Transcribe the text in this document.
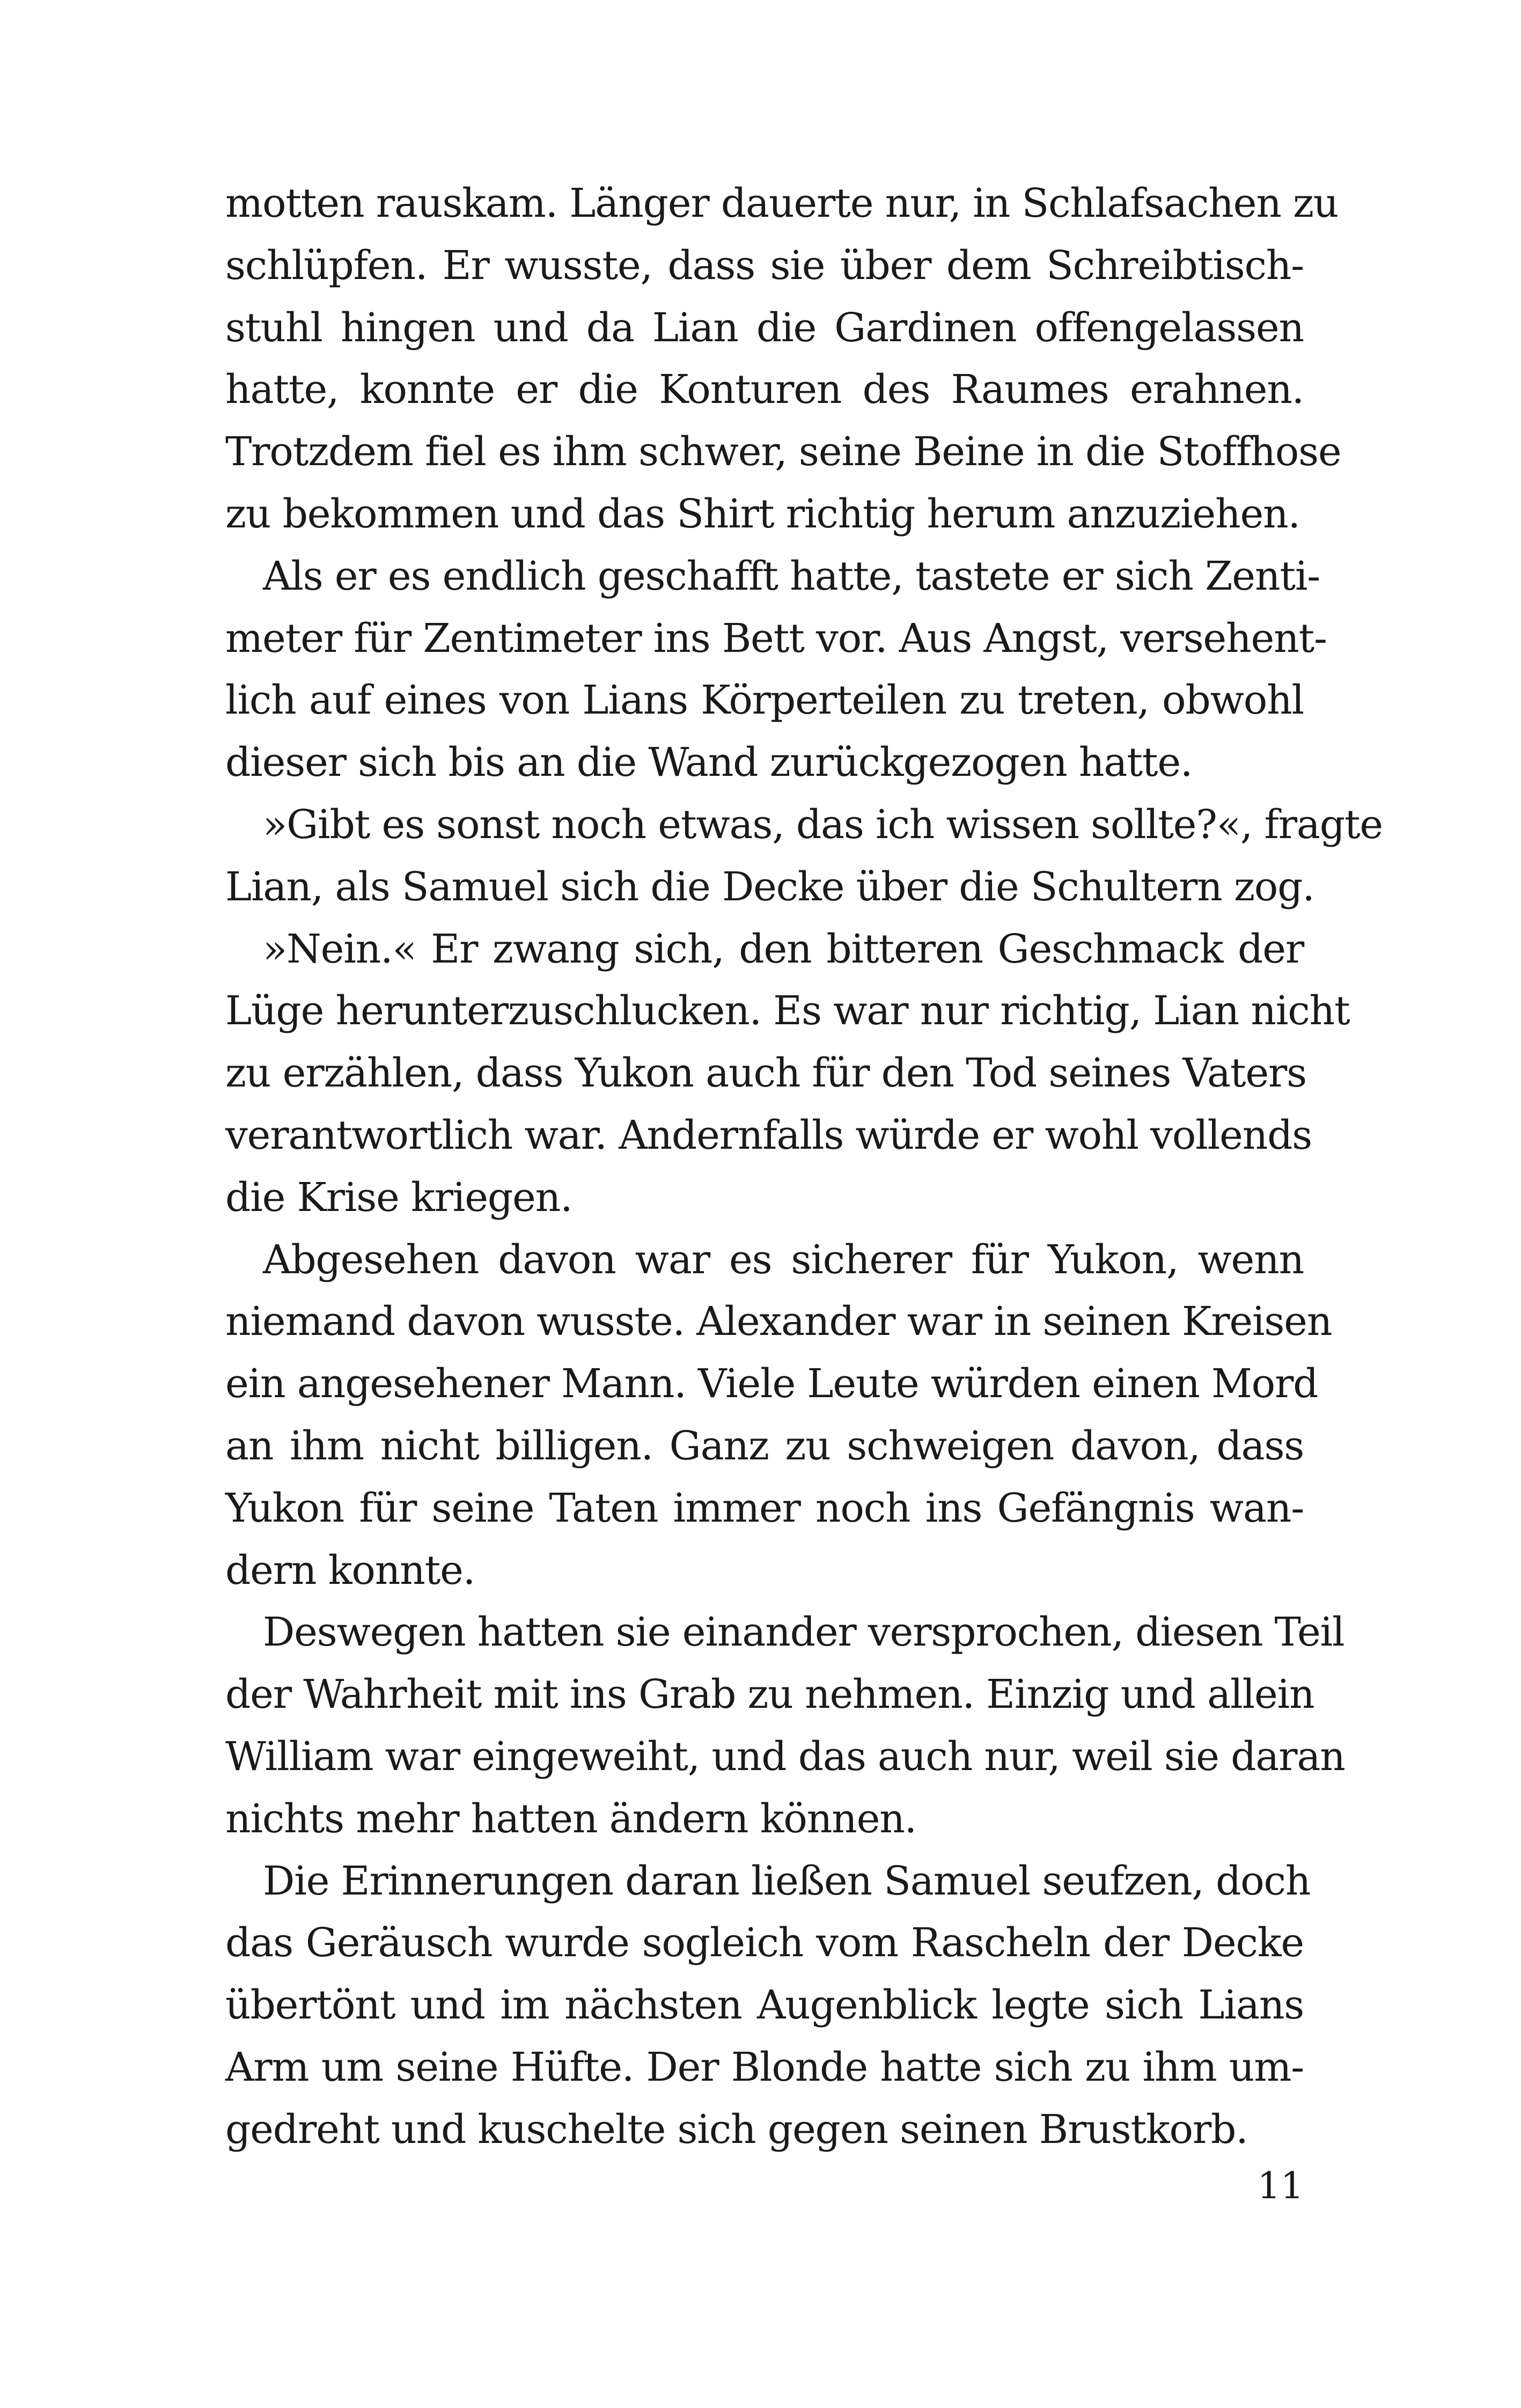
motten rauskam. Länger dauerte nur, in Schlafsachen zu
schlüpfen. Er wusste, dass sie über dem Schreibtisch-
stuhl hingen und da Lian die Gardinen offengelassen
hatte, konnte er die Konturen des Raumes erahnen.
Trotzdem fiel es ihm schwer, seine Beine in die Stoffhose
zu bekommen und das Shirt richtig herum anzuziehen.
Als er es endlich geschafft hatte, tastete er sich Zenti-
meter für Zentimeter ins Bett vor. Aus Angst, versehent-
lich auf eines von Lians Körperteilen zu treten, obwohl
dieser sich bis an die Wand zurückgezogen hatte.
»Gibt es sonst noch etwas, das ich wissen sollte?«, fragte
Lian, als Samuel sich die Decke über die Schultern zog.
»Nein.« Er zwang sich, den bitteren Geschmack der
Lüge herunterzuschlucken. Es war nur richtig, Lian nicht
zu erzählen, dass Yukon auch für den Tod seines Vaters
verantwortlich war. Andernfalls würde er wohl vollends
die Krise kriegen.
Abgesehen davon war es sicherer für Yukon, wenn
niemand davon wusste. Alexander war in seinen Kreisen
ein angesehener Mann. Viele Leute würden einen Mord
an ihm nicht billigen. Ganz zu schweigen davon, dass
Yukon für seine Taten immer noch ins Gefängnis wan-
dern konnte.
Deswegen hatten sie einander versprochen, diesen Teil
der Wahrheit mit ins Grab zu nehmen. Einzig und allein
William war eingeweiht, und das auch nur, weil sie daran
nichts mehr hatten ändern können.
Die Erinnerungen daran ließen Samuel seufzen, doch
das Geräusch wurde sogleich vom Rascheln der Decke
übertönt und im nächsten Augenblick legte sich Lians
Arm um seine Hüfte. Der Blonde hatte sich zu ihm um-
gedreht und kuschelte sich gegen seinen Brustkorb.
11
